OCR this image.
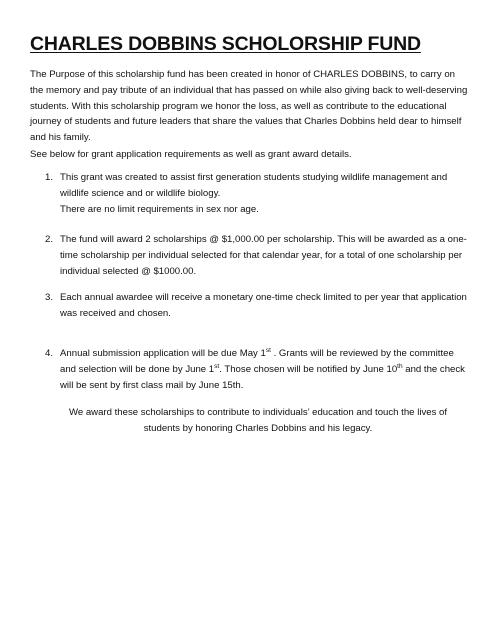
CHARLES DOBBINS SCHOLORSHIP FUND
The Purpose of this scholarship fund has been created in honor of CHARLES DOBBINS, to carry on the memory and pay tribute of an individual that has passed on while also giving back to well-deserving students. With this scholarship program we honor the loss, as well as contribute to the educational journey of students and future leaders that share the values that Charles Dobbins held dear to himself and his family.
See below for grant application requirements as well as grant award details.
1. This grant was created to assist first generation students studying wildlife management and wildlife science and or wildlife biology.
There are no limit requirements in sex nor age.
2. The fund will award 2 scholarships @ $1,000.00 per scholarship. This will be awarded as a one-time scholarship per individual selected for that calendar year, for a total of one scholarship per individual selected @ $1000.00.
3. Each annual awardee will receive a monetary one-time check limited to per year that application was received and chosen.
4. Annual submission application will be due May 1st . Grants will be reviewed by the committee and selection will be done by June 1st. Those chosen will be notified by June 10th and the check will be sent by first class mail by June 15th.
We award these scholarships to contribute to individuals’ education and touch the lives of students by honoring Charles Dobbins and his legacy.
